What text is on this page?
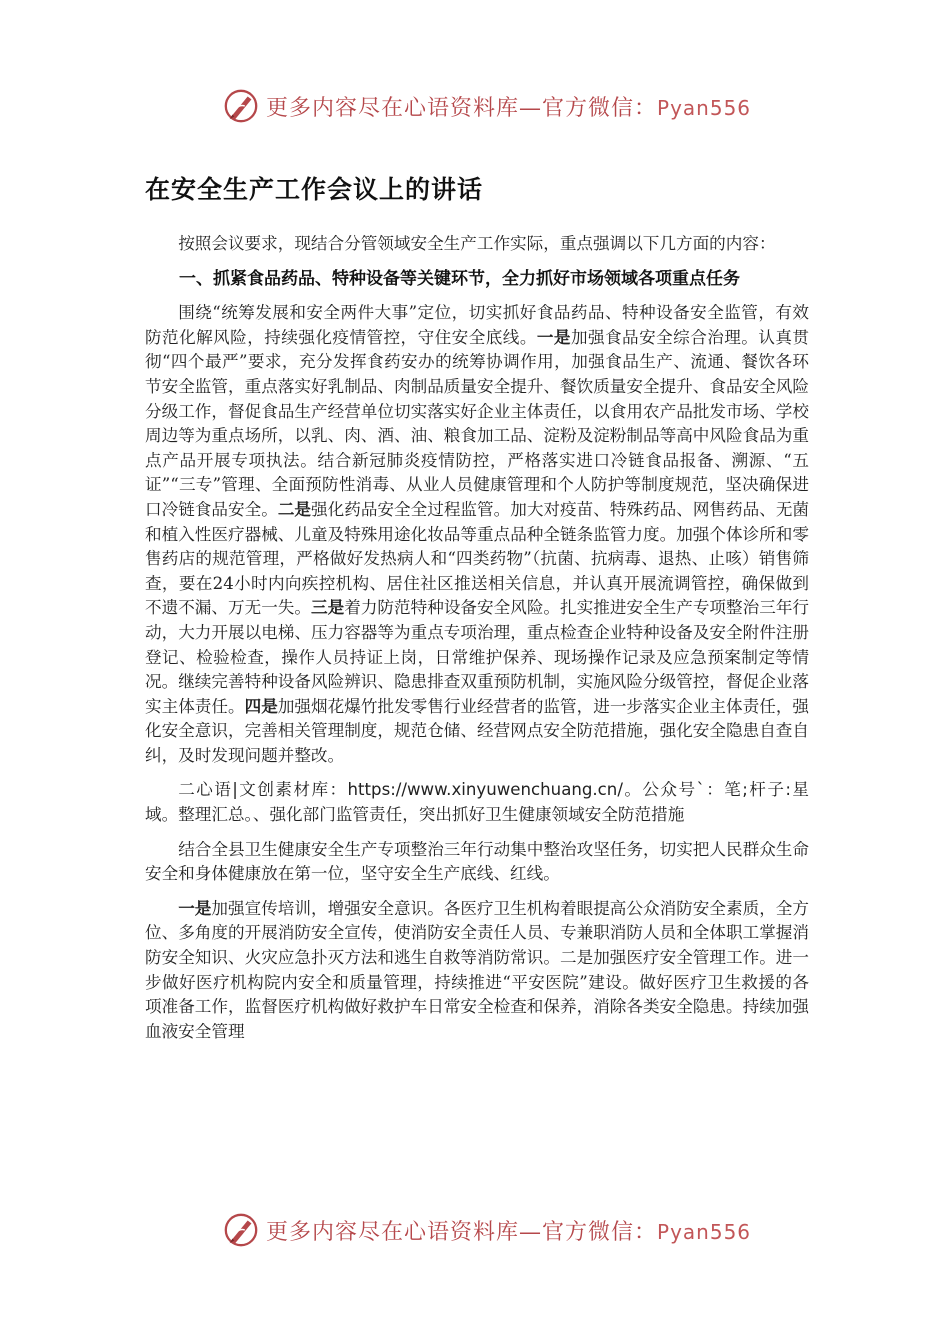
更多内容尽在心语资料库—官方微信：Pyan556
在安全生产工作会议上的讲话

按照会议要求，现结合分管领域安全生产工作实际，重点强调以下几方面的内容：

一、抓紧食品药品、特种设备等关键环节，全力抓好市场领域各项重点任务

围绕“统筹发展和安全两件大事”定位，切实抓好食品药品、特种设备安全监管，有效防范化解风险，持续强化疫情管控，守住安全底线。一是加强食品安全综合治理。认真贯彻“四个最严”要求，充分发挥食药安办的统筹协调作用，加强食品生产、流通、餐饮各环节安全监管，重点落实好乳制品、肉制品质量安全提升、餐饮质量安全提升、食品安全风险分级工作，督促食品生产经营单位切实落实好企业主体责任，以食用农产品批发市场、学校周边等为重点场所，以乳、肉、酒、油、粮食加工品、淀粉及淀粉制品等高中风险食品为重点产品开展专项执法。结合新冠肺炎疫情防控，严格落实进口冷链食品报备、溯源、“五证”“三专”管理、全面预防性消毒、从业人员健康管理和个人防护等制度规范，坚决确保进口冷链食品安全。二是强化药品安全全过程监管。加大对疫苗、特殊药品、网售药品、无菌和植入性医疗器械、儿童及特殊用途化妆品等重点品种全链条监管力度。加强个体诊所和零售药店的规范管理，严格做好发热病人和“四类药物”（抗菌、抗病毒、退热、止咳）销售筛查，要在24小时内向疾控机构、居住社区推送相关信息，并认真开展流调管控，确保做到不遗不漏、万无一失。三是着力防范特种设备安全风险。扎实推进安全生产专项整治三年行动，大力开展以电梯、压力容器等为重点专项治理，重点检查企业特种设备及安全附件注册登记、检验检查，操作人员持证上岗，日常维护保养、现场操作记录及应急预案制定等情况。继续完善特种设备风险辨识、隐患排查双重预防机制，实施风险分级管控，督促企业落实主体责任。四是加强烟花爆竹批发零售行业经营者的监管，进一步落实企业主体责任，强化安全意识，完善相关管理制度，规范仓储、经营网点安全防范措施，强化安全隐患自查自纠，及时发现问题并整改。

二心语|文创素材库：https://www.xinyuwenchuang.cn/。公众号`：笔;杆子:星域。整理汇总。、强化部门监管责任，突出抓好卫生健康领域安全防范措施

结合全县卫生健康安全生产专项整治三年行动集中整治攻坚任务，切实把人民群众生命安全和身体健康放在第一位，坚守安全生产底线、红线。

一是加强宣传培训，增强安全意识。各医疗卫生机构着眼提高公众消防安全素质，全方位、多角度的开展消防安全宣传，使消防安全责任人员、专兼职消防人员和全体职工掌握消防安全知识、火灾应急扑灭方法和逃生自救等消防常识。二是加强医疗安全管理工作。进一步做好医疗机构院内安全和质量管理，持续推进“平安医院”建设。做好医疗卫生救援的各项准备工作，监督医疗机构做好救护车日常安全检查和保养，消除各类安全隐患。持续加强血液安全管理

更多内容尽在心语资料库—官方微信：Pyan556
